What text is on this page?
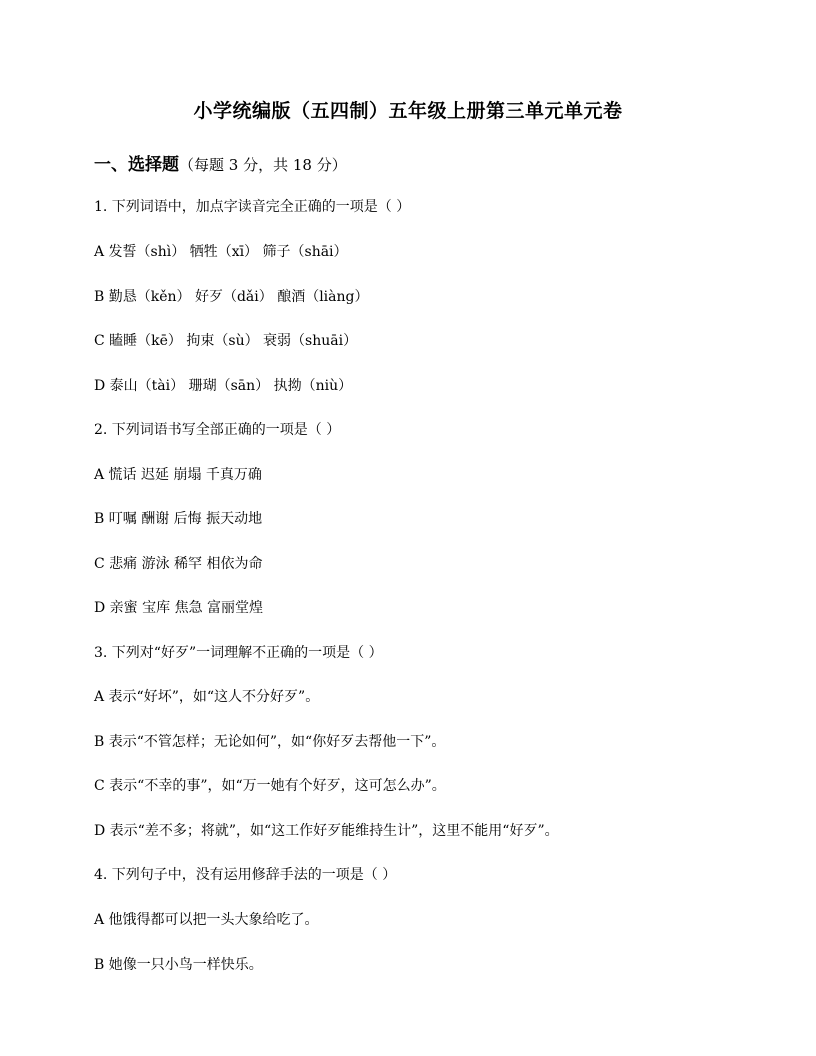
小学统编版（五四制）五年级上册第三单元单元卷
一、选择题（每题 3 分，共 18 分）

1. 下列词语中，加点字读音完全正确的一项是（ ）

A 发誓（shì） 牺牲（xī） 筛子（shāi）

B 勤恳（kěn） 好歹（dǎi） 酿酒（liàng）

C 瞌睡（kē） 拘束（sù） 衰弱（shuāi）

D 泰山（tài） 珊瑚（sān） 执拗（niù）

2. 下列词语书写全部正确的一项是（ ）

A 慌话 迟延 崩塌 千真万确

B 叮嘱 酬谢 后悔 振天动地

C 悲痛 游泳 稀罕 相依为命

D 亲蜜 宝库 焦急 富丽堂煌

3. 下列对“好歹”一词理解不正确的一项是（ ）

A 表示“好坏”，如“这人不分好歹”。

B 表示“不管怎样；无论如何”，如“你好歹去帮他一下”。

C 表示“不幸的事”，如“万一她有个好歹，这可怎么办”。

D 表示“差不多；将就”，如“这工作好歹能维持生计”，这里不能用“好歹”。

4. 下列句子中，没有运用修辞手法的一项是（ ）

A 他饿得都可以把一头大象给吃了。

B 她像一只小鸟一样快乐。
